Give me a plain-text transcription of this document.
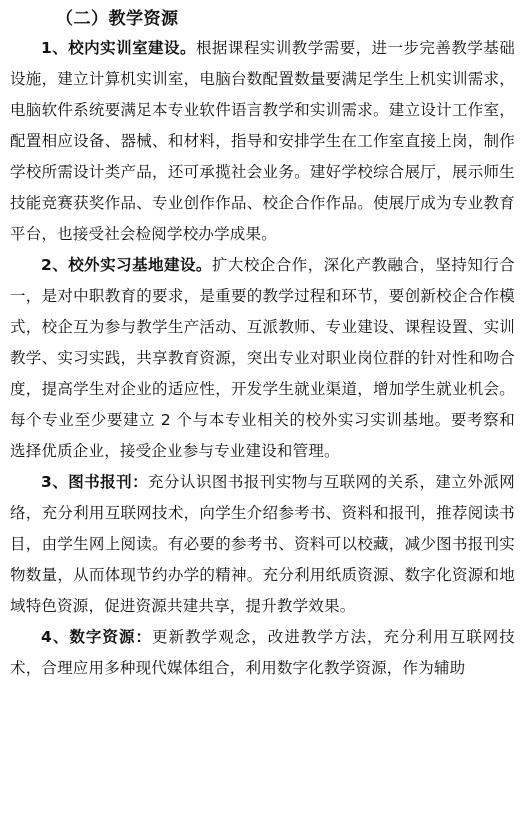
（二）教学资源

1、校内实训室建设。根据课程实训教学需要，进一步完善教学基础设施，建立计算机实训室，电脑台数配置数量要满足学生上机实训需求，电脑软件系统要满足本专业软件语言教学和实训需求。建立设计工作室，配置相应设备、器械、和材料，指导和安排学生在工作室直接上岗，制作学校所需设计类产品，还可承揽社会业务。建好学校综合展厅，展示师生技能竞赛获奖作品、专业创作作品、校企合作作品。使展厅成为专业教育平台，也接受社会检阅学校办学成果。

2、校外实习基地建设。扩大校企合作，深化产教融合，坚持知行合一，是对中职教育的要求，是重要的教学过程和环节，要创新校企合作模式，校企互为参与教学生产活动、互派教师、专业建设、课程设置、实训教学、实习实践，共享教育资源，突出专业对职业岗位群的针对性和吻合度，提高学生对企业的适应性，开发学生就业渠道，增加学生就业机会。每个专业至少要建立 2 个与本专业相关的校外实习实训基地。要考察和选择优质企业，接受企业参与专业建设和管理。

3、图书报刊：充分认识图书报刊实物与互联网的关系，建立外派网络，充分利用互联网技术，向学生介绍参考书、资料和报刊，推荐阅读书目，由学生网上阅读。有必要的参考书、资料可以校藏，减少图书报刊实物数量，从而体现节约办学的精神。充分利用纸质资源、数字化资源和地域特色资源，促进资源共建共享，提升教学效果。

4、数字资源：更新教学观念，改进教学方法，充分利用互联网技术，合理应用多种现代媒体组合，利用数字化教学资源，作为辅助
